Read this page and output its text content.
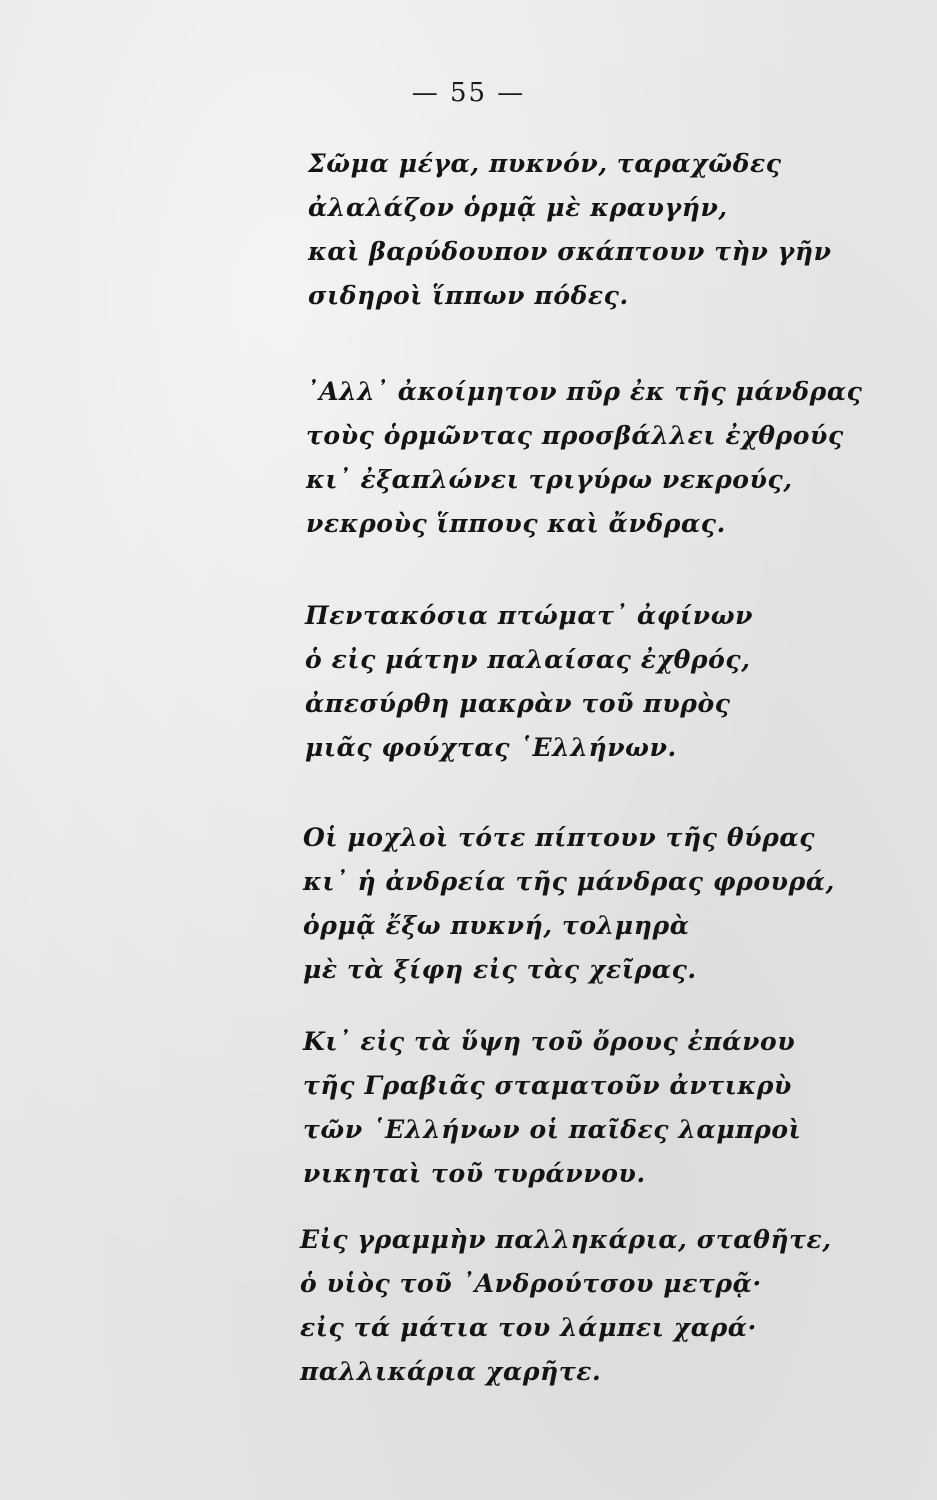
— 55 —
Σῶμα μέγα, πυκνόν, ταραχῶδες
ἀλαλάζον ὁρμᾷ μὲ κραυγήν,
καὶ βαρύδουπον σκάπτουν τὴν γῆν
σιδηροὶ ἵππων πόδες.
᾿Αλλ᾿ ἀκοίμητον πῦρ ἐκ τῆς μάνδρας
τοὺς ὁρμῶντας προσβάλλει ἐχθρούς
κι᾿ ἐξαπλώνει τριγύρω νεκρούς,
νεκροὺς ἵππους καὶ ἄνδρας.
Πεντακόσια πτώματ᾿ ἀφίνων
ὁ εἰς μάτην παλαίσας ἐχθρός,
ἀπεσύρθη μακρὰν τοῦ πυρὸς
μιᾶς φούχτας ῾Ελλήνων.
Οἱ μοχλοὶ τότε πίπτουν τῆς θύρας
κι᾿ ἡ ἀνδρεία τῆς μάνδρας φρουρά,
ὁρμᾷ ἔξω πυκνή, τολμηρὰ
μὲ τὰ ξίφη εἰς τὰς χεῖρας.
Κι᾿ εἰς τὰ ὕψη τοῦ ὄρους ἐπάνου
τῆς Γραβιᾶς σταματοῦν ἀντικρὺ
τῶν ῾Ελλήνων οἱ παῖδες λαμπροὶ
νικηταὶ τοῦ τυράννου.
Εἰς γραμμὴν παλληκάρια, σταθῆτε,
ὁ υἱὸς τοῦ ᾿Ανδρούτσου μετρᾷ·
εἰς τά μάτια του λάμπει χαρά·
παλλικάρια χαρῆτε.
